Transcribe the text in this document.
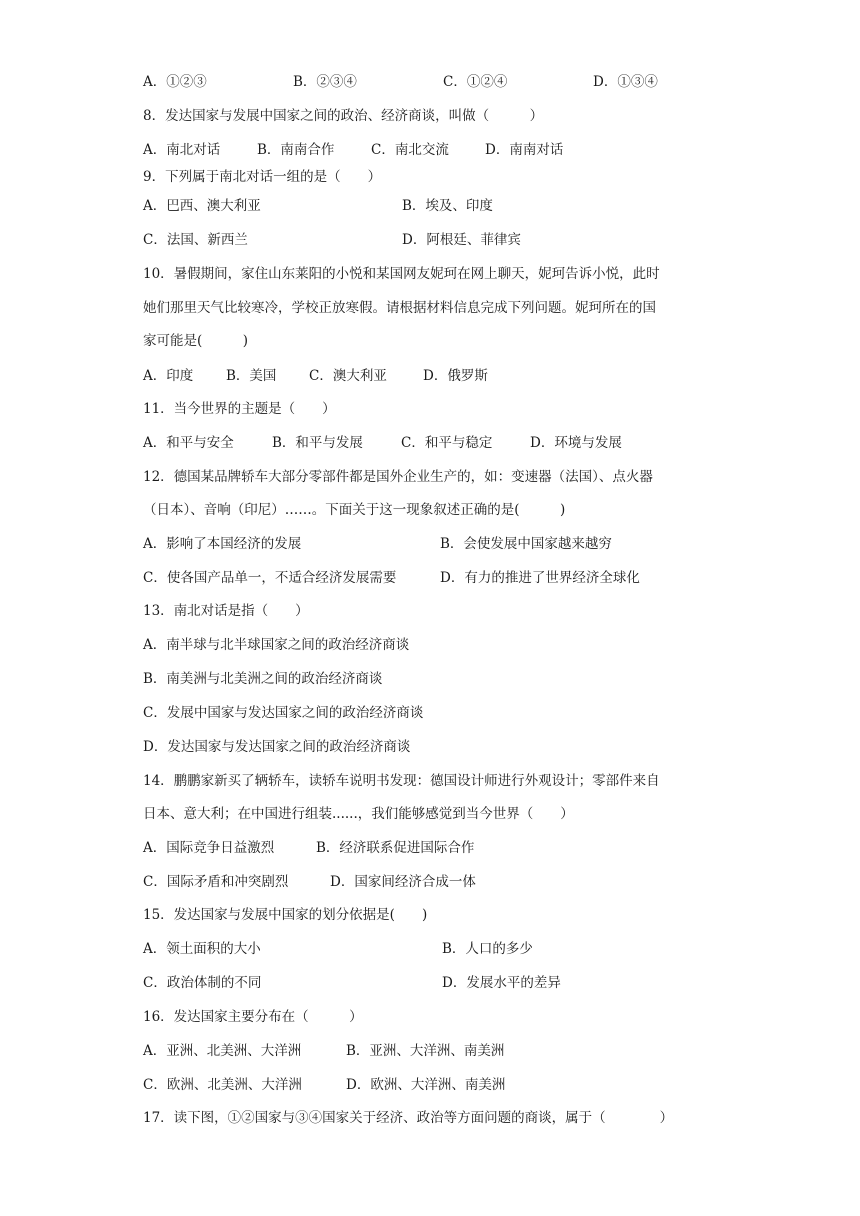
A．①②③	B．②③④	C．①②④	D．①③④
8．发达国家与发展中国家之间的政治、经济商谈，叫做（　　　）
A．南北对话	B．南南合作	C．南北交流	D．南南对话
9．下列属于南北对话一组的是（　　）
A．巴西、澳大利亚	B．埃及、印度
C．法国、新西兰	D．阿根廷、菲律宾
10．暑假期间，家住山东莱阳的小悦和某国网友妮珂在网上聊天，妮珂告诉小悦，此时
她们那里天气比较寒冷，学校正放寒假。请根据材料信息完成下列问题。妮珂所在的国
家可能是(　　　)
A．印度 B．美国 C．澳大利亚	D．俄罗斯
11．当今世界的主题是（　　）
A．和平与安全	B．和平与发展	C．和平与稳定	D．环境与发展
12．德国某品牌轿车大部分零部件都是国外企业生产的，如：变速器（法国）、点火器
（日本）、音响（印尼）……。下面关于这一现象叙述正确的是(　　　)
A．影响了本国经济的发展	B．会使发展中国家越来越穷
C．使各国产品单一，不适合经济发展需要	D．有力的推进了世界经济全球化
13．南北对话是指（　　）
A．南半球与北半球国家之间的政治经济商谈
B．南美洲与北美洲之间的政治经济商谈
C．发展中国家与发达国家之间的政治经济商谈
D．发达国家与发达国家之间的政治经济商谈
14．鹏鹏家新买了辆轿车，读轿车说明书发现：德国设计师进行外观设计；零部件来自
日本、意大利；在中国进行组装......，我们能够感觉到当今世界（　　）
A．国际竞争日益激烈	B．经济联系促进国际合作
C．国际矛盾和冲突剧烈	D．国家间经济合成一体
15．发达国家与发展中国家的划分依据是(　　)
A．领土面积的大小	B．人口的多少
C．政治体制的不同	D．发展水平的差异
16．发达国家主要分布在（　　　）
A．亚洲、北美洲、大洋洲	B．亚洲、大洋洲、南美洲
C．欧洲、北美洲、大洋洲	D．欧洲、大洋洲、南美洲
17．读下图，①②国家与③④国家关于经济、政治等方面问题的商谈，属于（　　　　）
